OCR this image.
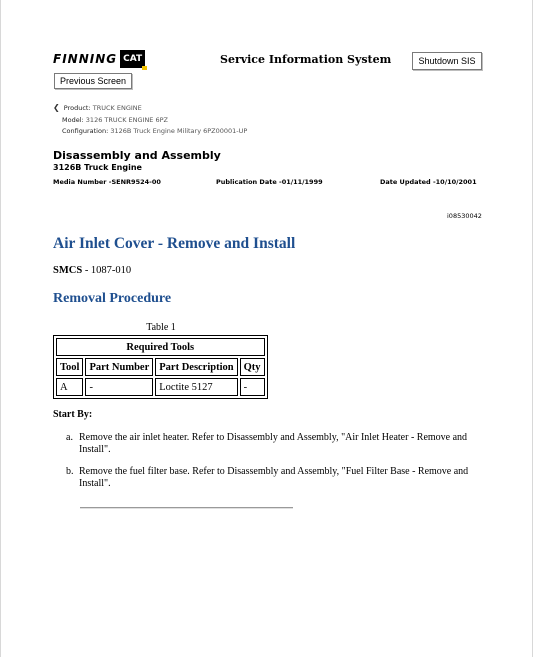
FINNING CAT	Service Information System	Shutdown SIS
Previous Screen
❮ Product: TRUCK ENGINE
Model: 3126 TRUCK ENGINE 6PZ
Configuration: 3126B Truck Engine Military 6PZ00001-UP
Disassembly and Assembly
3126B Truck Engine
Media Number -SENR9524-00	Publication Date -01/11/1999	Date Updated -10/10/2001
i08530042
Air Inlet Cover - Remove and Install
SMCS - 1087-010
Removal Procedure
Table 1
Required Tools			
Tool	Part Number	Part Description	Qty
A	-	Loctite 5127	-
Start By:
a. Remove the air inlet heater. Refer to Disassembly and Assembly, "Air Inlet Heater - Remove and Install".
b. Remove the fuel filter base. Refer to Disassembly and Assembly, "Fuel Filter Base - Remove and Install".
